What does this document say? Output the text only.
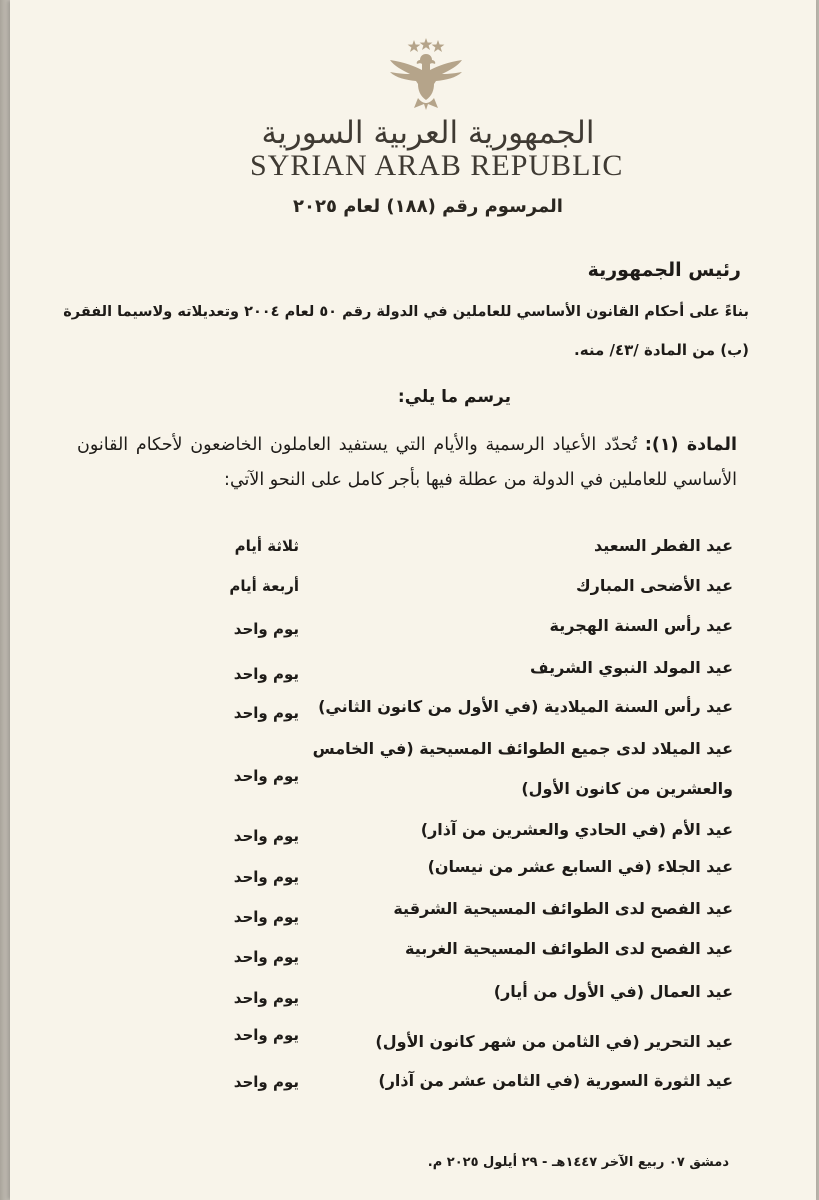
الجمهورية العربية السورية
SYRIAN ARAB REPUBLIC
المرسوم رقم (١٨٨) لعام ٢٠٢٥
رئيس الجمهورية
بناءً على أحكام القانون الأساسي للعاملين في الدولة رقم ٥٠ لعام ٢٠٠٤ وتعديلاته ولاسيما الفقرة
(ب) من المادة /٤٣/ منه.
يرسم ما يلي:
المادة (١): تُحدّد الأعياد الرسمية والأيام التي يستفيد العاملون الخاضعون لأحكام القانون الأساسي للعاملين في الدولة من عطلة فيها بأجر كامل على النحو الآتي:
عيد الفطر السعيد
ثلاثة أيام
عيد الأضحى المبارك
أربعة أيام
عيد رأس السنة الهجرية
يوم واحد
عيد المولد النبوي الشريف
يوم واحد
عيد رأس السنة الميلادية (في الأول من كانون الثاني)
يوم واحد
عيد الميلاد لدى جميع الطوائف المسيحية (في الخامس
والعشرين من كانون الأول)
يوم واحد
عيد الأم (في الحادي والعشرين من آذار)
يوم واحد
عيد الجلاء (في السابع عشر من نيسان)
يوم واحد
عيد الفصح لدى الطوائف المسيحية الشرقية
يوم واحد
عيد الفصح لدى الطوائف المسيحية الغربية
يوم واحد
عيد العمال (في الأول من أيار)
يوم واحد
عيد التحرير (في الثامن من شهر كانون الأول)
يوم واحد
عيد الثورة السورية (في الثامن عشر من آذار)
يوم واحد
دمشق ٠٧ ربيع الآخر ١٤٤٧هـ - ٢٩ أيلول ٢٠٢٥ م.
